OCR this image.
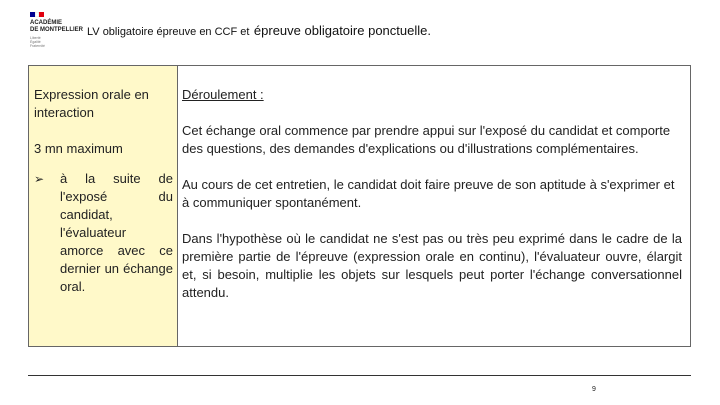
ACADÉMIE
DE MONTPELLIER
Liberté
Égalité
Fraternité
LV obligatoire épreuve en CCF et épreuve obligatoire ponctuelle.
Expression orale en interaction
3 mn maximum
➢ à la suite de l'exposé du candidat, l'évaluateur amorce avec ce dernier un échange oral.
Déroulement :
Cet échange oral commence par prendre appui sur l'exposé du candidat et comporte des questions, des demandes d'explications ou d'illustrations complémentaires.
Au cours de cet entretien, le candidat doit faire preuve de son aptitude à s'exprimer et à communiquer spontanément.
Dans l'hypothèse où le candidat ne s'est pas ou très peu exprimé dans le cadre de la première partie de l'épreuve (expression orale en continu), l'évaluateur ouvre, élargit et, si besoin, multiplie les objets sur lesquels peut porter l'échange conversationnel attendu.
9
